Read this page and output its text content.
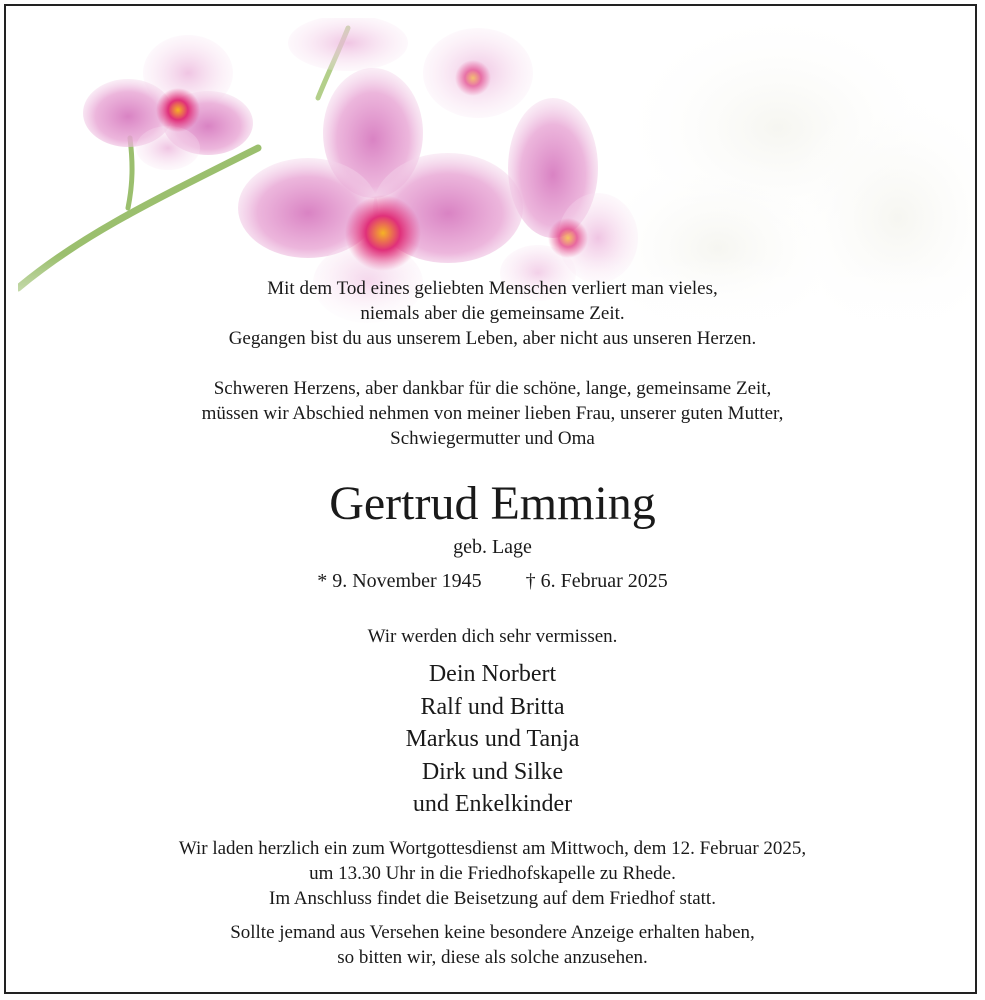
Mit dem Tod eines geliebten Menschen verliert man vieles,
niemals aber die gemeinsame Zeit.
Gegangen bist du aus unserem Leben, aber nicht aus unseren Herzen.
Schweren Herzens, aber dankbar für die schöne, lange, gemeinsame Zeit,
müssen wir Abschied nehmen von meiner lieben Frau, unserer guten Mutter,
Schwiegermutter und Oma
Gertrud Emming
geb. Lage
* 9. November 1945 † 6. Februar 2025
Wir werden dich sehr vermissen.
Dein Norbert
Ralf und Britta
Markus und Tanja
Dirk und Silke
und Enkelkinder
Wir laden herzlich ein zum Wortgottesdienst am Mittwoch, dem 12. Februar 2025,
um 13.30 Uhr in die Friedhofskapelle zu Rhede.
Im Anschluss findet die Beisetzung auf dem Friedhof statt.
Sollte jemand aus Versehen keine besondere Anzeige erhalten haben,
so bitten wir, diese als solche anzusehen.
